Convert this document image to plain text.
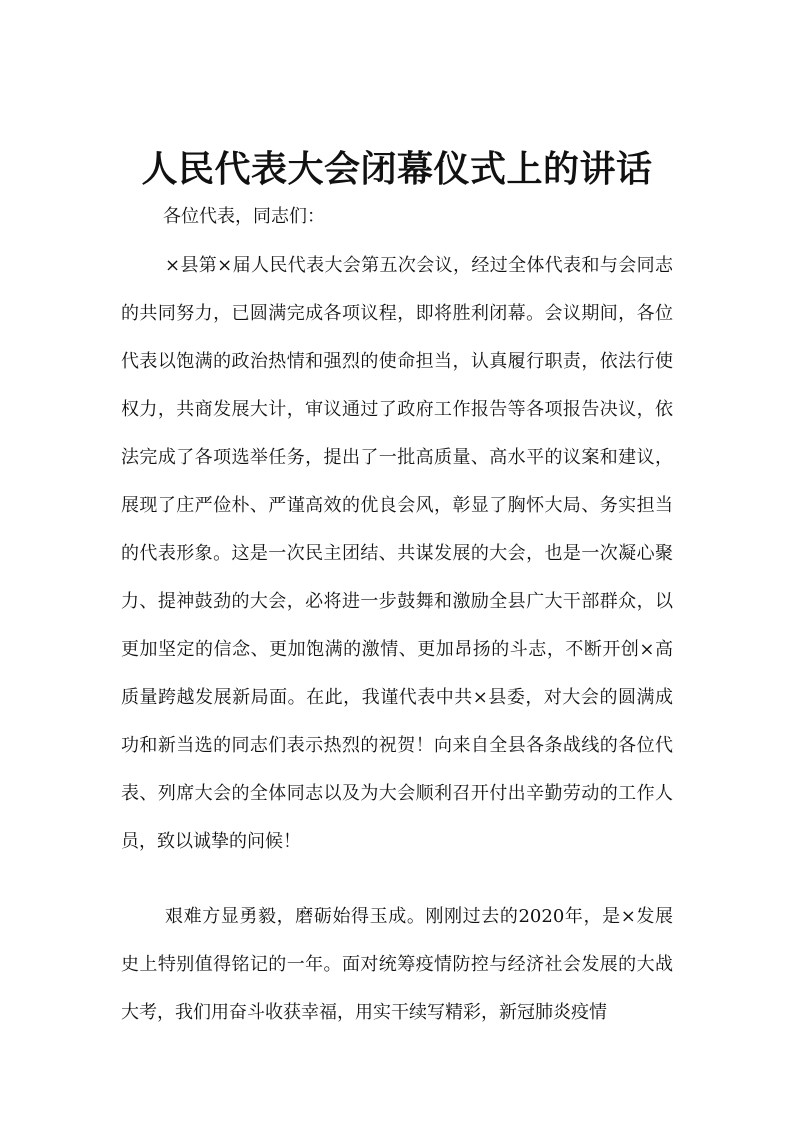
人民代表大会闭幕仪式上的讲话
各位代表，同志们：
×县第×届人民代表大会第五次会议，经过全体代表和与会同志的共同努力，已圆满完成各项议程，即将胜利闭幕。会议期间，各位代表以饱满的政治热情和强烈的使命担当，认真履行职责，依法行使权力，共商发展大计，审议通过了政府工作报告等各项报告决议，依法完成了各项选举任务，提出了一批高质量、高水平的议案和建议，展现了庄严俭朴、严谨高效的优良会风，彰显了胸怀大局、务实担当的代表形象。这是一次民主团结、共谋发展的大会，也是一次凝心聚力、提神鼓劲的大会，必将进一步鼓舞和激励全县广大干部群众，以更加坚定的信念、更加饱满的激情、更加昂扬的斗志，不断开创×高质量跨越发展新局面。在此，我谨代表中共×县委，对大会的圆满成功和新当选的同志们表示热烈的祝贺！向来自全县各条战线的各位代表、列席大会的全体同志以及为大会顺利召开付出辛勤劳动的工作人员，致以诚挚的问候！
艰难方显勇毅，磨砺始得玉成。刚刚过去的2020年，是×发展史上特别值得铭记的一年。面对统筹疫情防控与经济社会发展的大战大考，我们用奋斗收获幸福，用实干续写精彩，新冠肺炎疫情
